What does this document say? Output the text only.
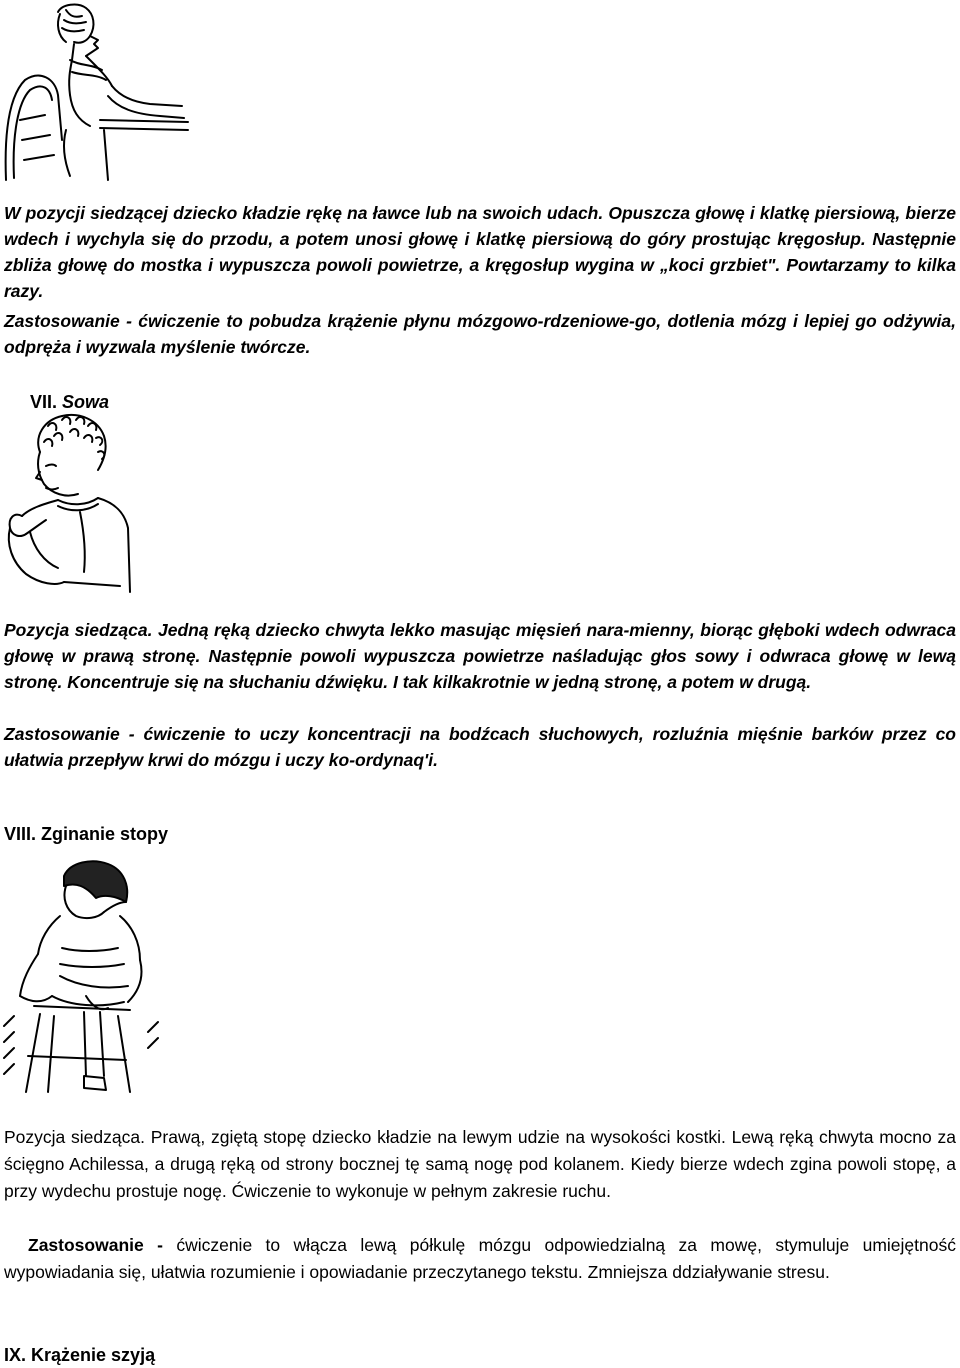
W pozycji siedzącej dziecko kładzie rękę na ławce lub na swoich udach. Opuszcza głowę i klatkę piersiową, bierze wdech i wychyla się do przodu, a potem unosi głowę i klatkę piersiową do góry prostując kręgosłup. Następnie zbliża głowę do mostka i wypuszcza powoli powietrze, a kręgosłup wygina w „koci grzbiet". Powtarzamy to kilka razy.

Zastosowanie - ćwiczenie to pobudza krążenie płynu mózgowo-rdzeniowe-go, dotlenia mózg i lepiej go odżywia, odpręża i wyzwala myślenie twórcze.

VII. Sowa

Pozycja siedząca. Jedną ręką dziecko chwyta lekko masując mięsień nara-mienny, biorąc głęboki wdech odwraca głowę w prawą stronę. Następnie powoli wypuszcza powietrze naśladując głos sowy i odwraca głowę w lewą stronę. Koncentruje się na słuchaniu dźwięku. I tak kilkakrotnie w jedną stronę, a potem w drugą.

Zastosowanie - ćwiczenie to uczy koncentracji na bodźcach słuchowych, rozluźnia mięśnie barków przez co ułatwia przepływ krwi do mózgu i uczy ko-ordynaq'i.

VIII. Zginanie stopy

Pozycja siedząca. Prawą, zgiętą stopę dziecko kładzie na lewym udzie na wysokości kostki. Lewą ręką chwyta mocno za ścięgno Achilessa, a drugą ręką od strony bocznej tę samą nogę pod kolanem. Kiedy bierze wdech zgina powoli stopę, a przy wydechu prostuje nogę. Ćwiczenie to wykonuje w pełnym zakresie ruchu.

Zastosowanie - ćwiczenie to włącza lewą półkulę mózgu odpowiedzialną za mowę, stymuluje umiejętność wypowiadania się, ułatwia rozumienie i opowiadanie przeczytanego tekstu. Zmniejsza ddziaływanie stresu.

IX. Krążenie szyją
